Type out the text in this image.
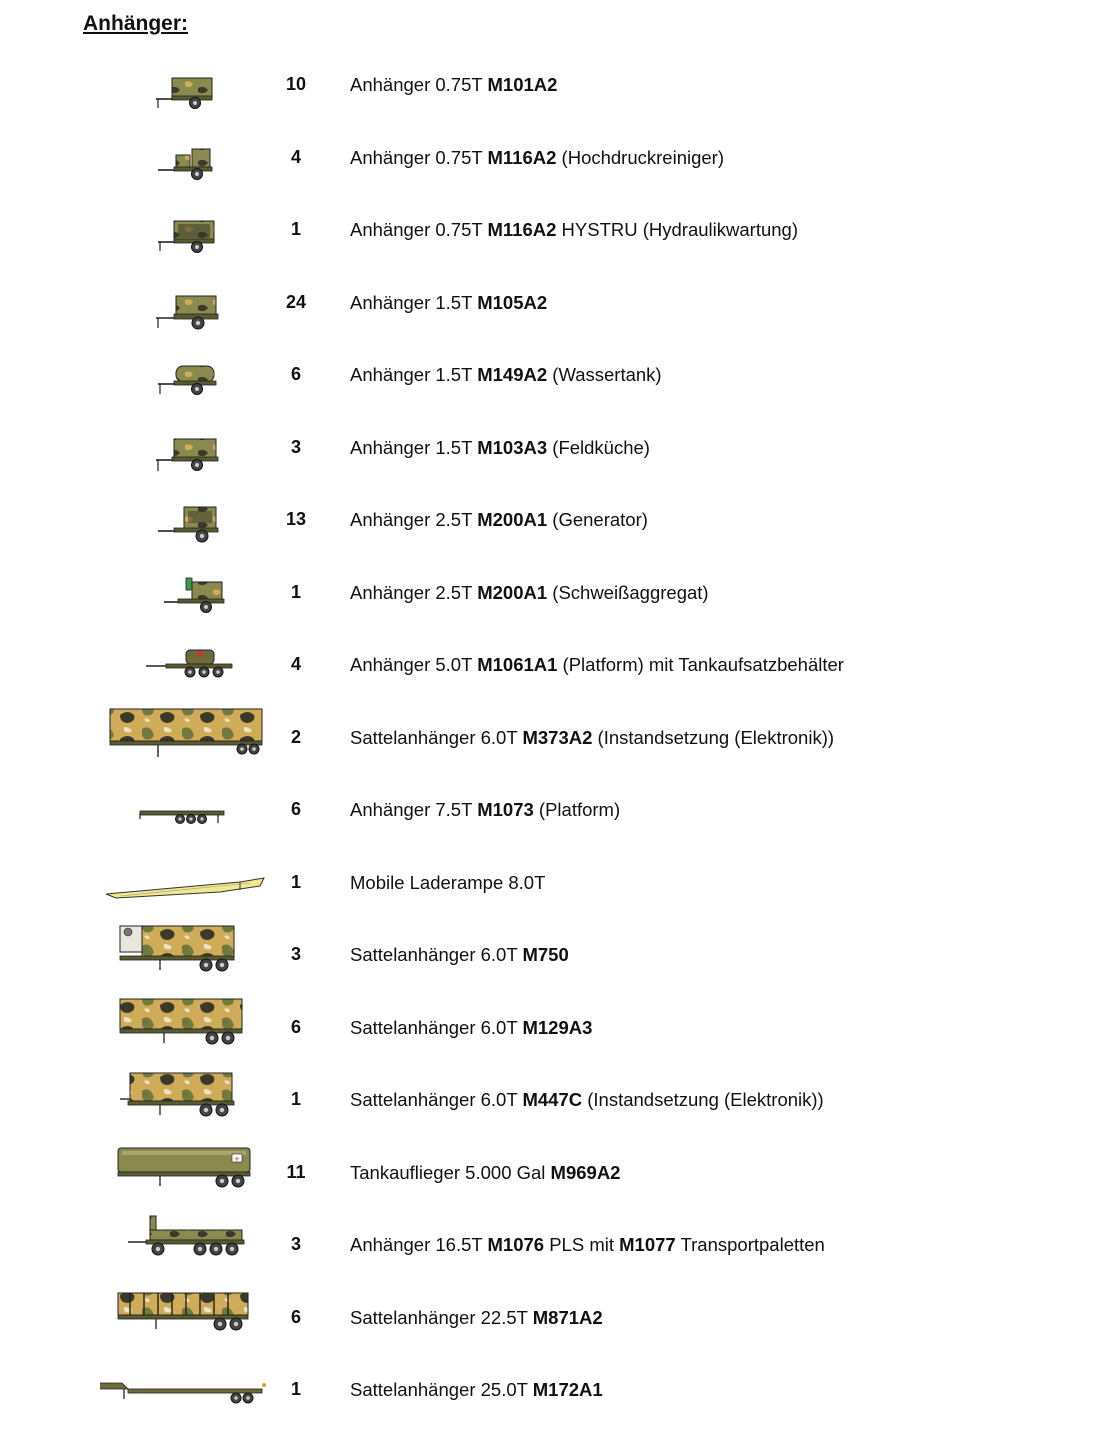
Anhänger:
10	Anhänger 0.75T M101A2
4	Anhänger 0.75T M116A2 (Hochdruckreiniger)
1	Anhänger 0.75T M116A2 HYSTRU (Hydraulikwartung)
24	Anhänger 1.5T M105A2
6	Anhänger 1.5T M149A2 (Wassertank)
3	Anhänger 1.5T M103A3 (Feldküche)
13	Anhänger 2.5T M200A1 (Generator)
1	Anhänger 2.5T M200A1 (Schweißaggregat)
4	Anhänger 5.0T M1061A1 (Platform) mit Tankaufsatzbehälter
2	Sattelanhänger 6.0T M373A2 (Instandsetzung (Elektronik))
6	Anhänger 7.5T M1073 (Platform)
1	Mobile Laderampe 8.0T
3	Sattelanhänger 6.0T M750
6	Sattelanhänger 6.0T M129A3
1	Sattelanhänger 6.0T M447C (Instandsetzung (Elektronik))
+
11	Tankauflieger 5.000 Gal M969A2
3	Anhänger 16.5T M1076 PLS mit M1077 Transportpaletten
6	Sattelanhänger 22.5T M871A2
1	Sattelanhänger 25.0T M172A1
